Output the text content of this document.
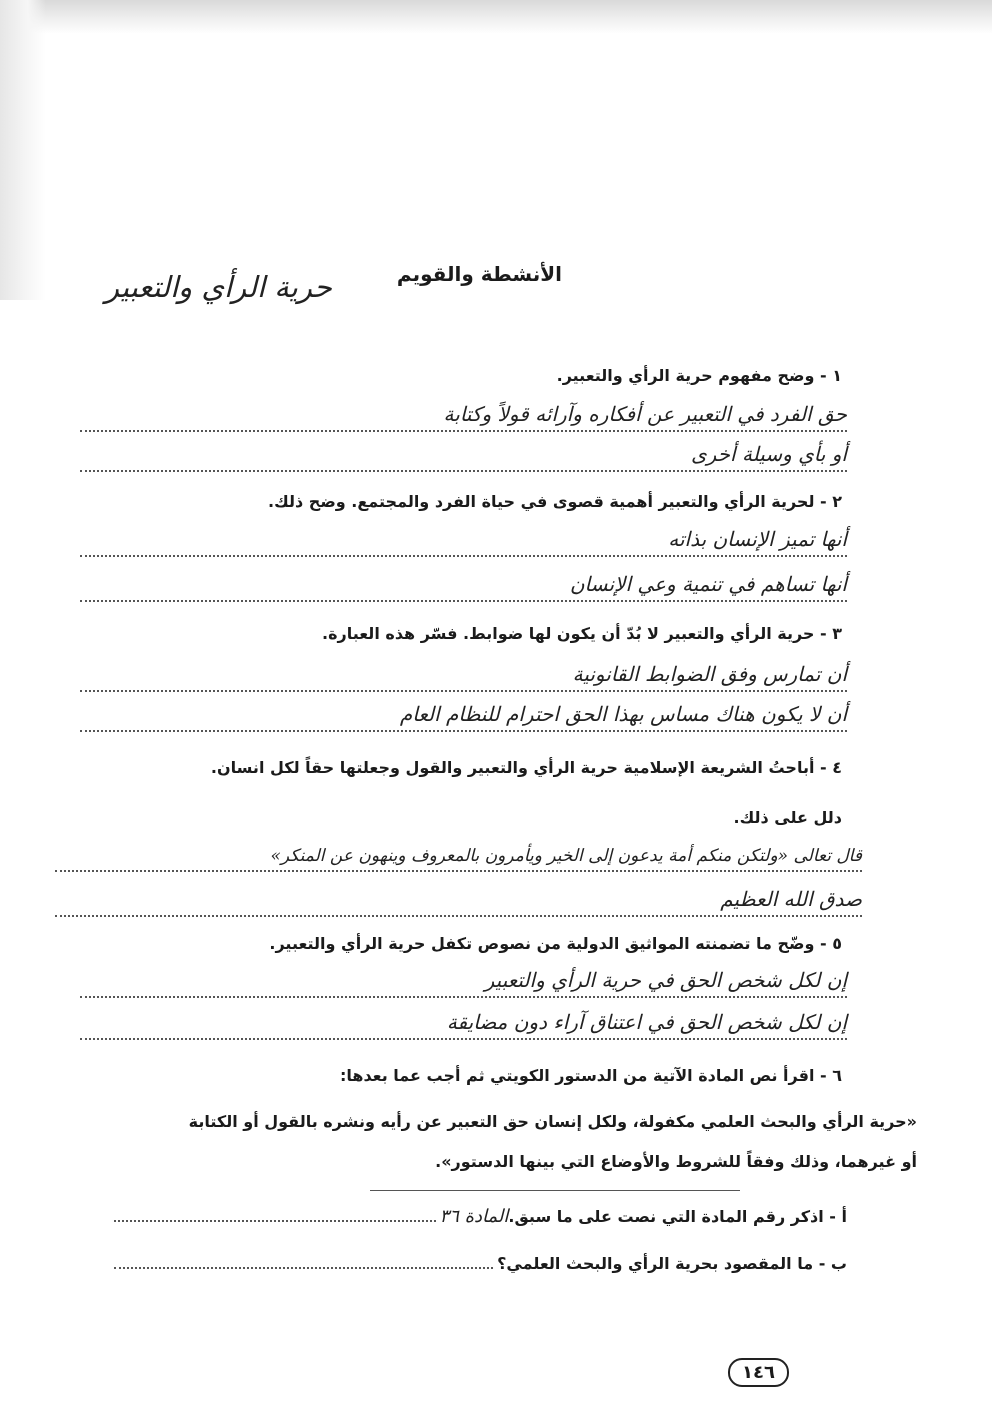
الأنشطة والقويم
حرية الرأي والتعبير
١ - وضح مفهوم حرية الرأي والتعبير.
حق الفرد في التعبير عن أفكاره وآرائه قولاً وكتابة
أو بأي وسيلة أخرى
٢ - لحرية الرأي والتعبير أهمية قصوى في حياة الفرد والمجتمع. وضح ذلك.
أنها تميز الإنسان بذاته
أنها تساهم في تنمية وعي الإنسان
٣ - حرية الرأي والتعبير لا بُدّ أن يكون لها ضوابط. فسّر هذه العبارة.
أن تمارس وفق الضوابط القانونية
أن لا يكون هناك مساس بهذا الحق احترام للنظام العام
٤ - أباحتُ الشريعة الإسلامية حرية الرأي والتعبير والقول وجعلتها حقاً لكل انسان.
دلل على ذلك.
قال تعالى «ولتكن منكم أمة يدعون إلى الخير ويأمرون بالمعروف وينهون عن المنكر»
صدق الله العظيم
٥ - وضّح ما تضمنته المواثيق الدولية من نصوص تكفل حرية الرأي والتعبير.
إن لكل شخص الحق في حرية الرأي والتعبير
إن لكل شخص الحق في اعتناق آراء دون مضايقة
٦ - اقرأ نص المادة الآتية من الدستور الكويتي ثم أجب عما بعدها:
«حرية الرأي والبحث العلمي مكفولة، ولكل إنسان حق التعبير عن رأيه ونشره بالقول أو الكتابة
أو غيرهما، وذلك وفقاً للشروط والأوضاع التي بينها الدستور».
أ - اذكر رقم المادة التي نصت على ما سبق.
المادة ٣٦
ب - ما المقصود بحرية الرأي والبحث العلمي؟
١٤٦
